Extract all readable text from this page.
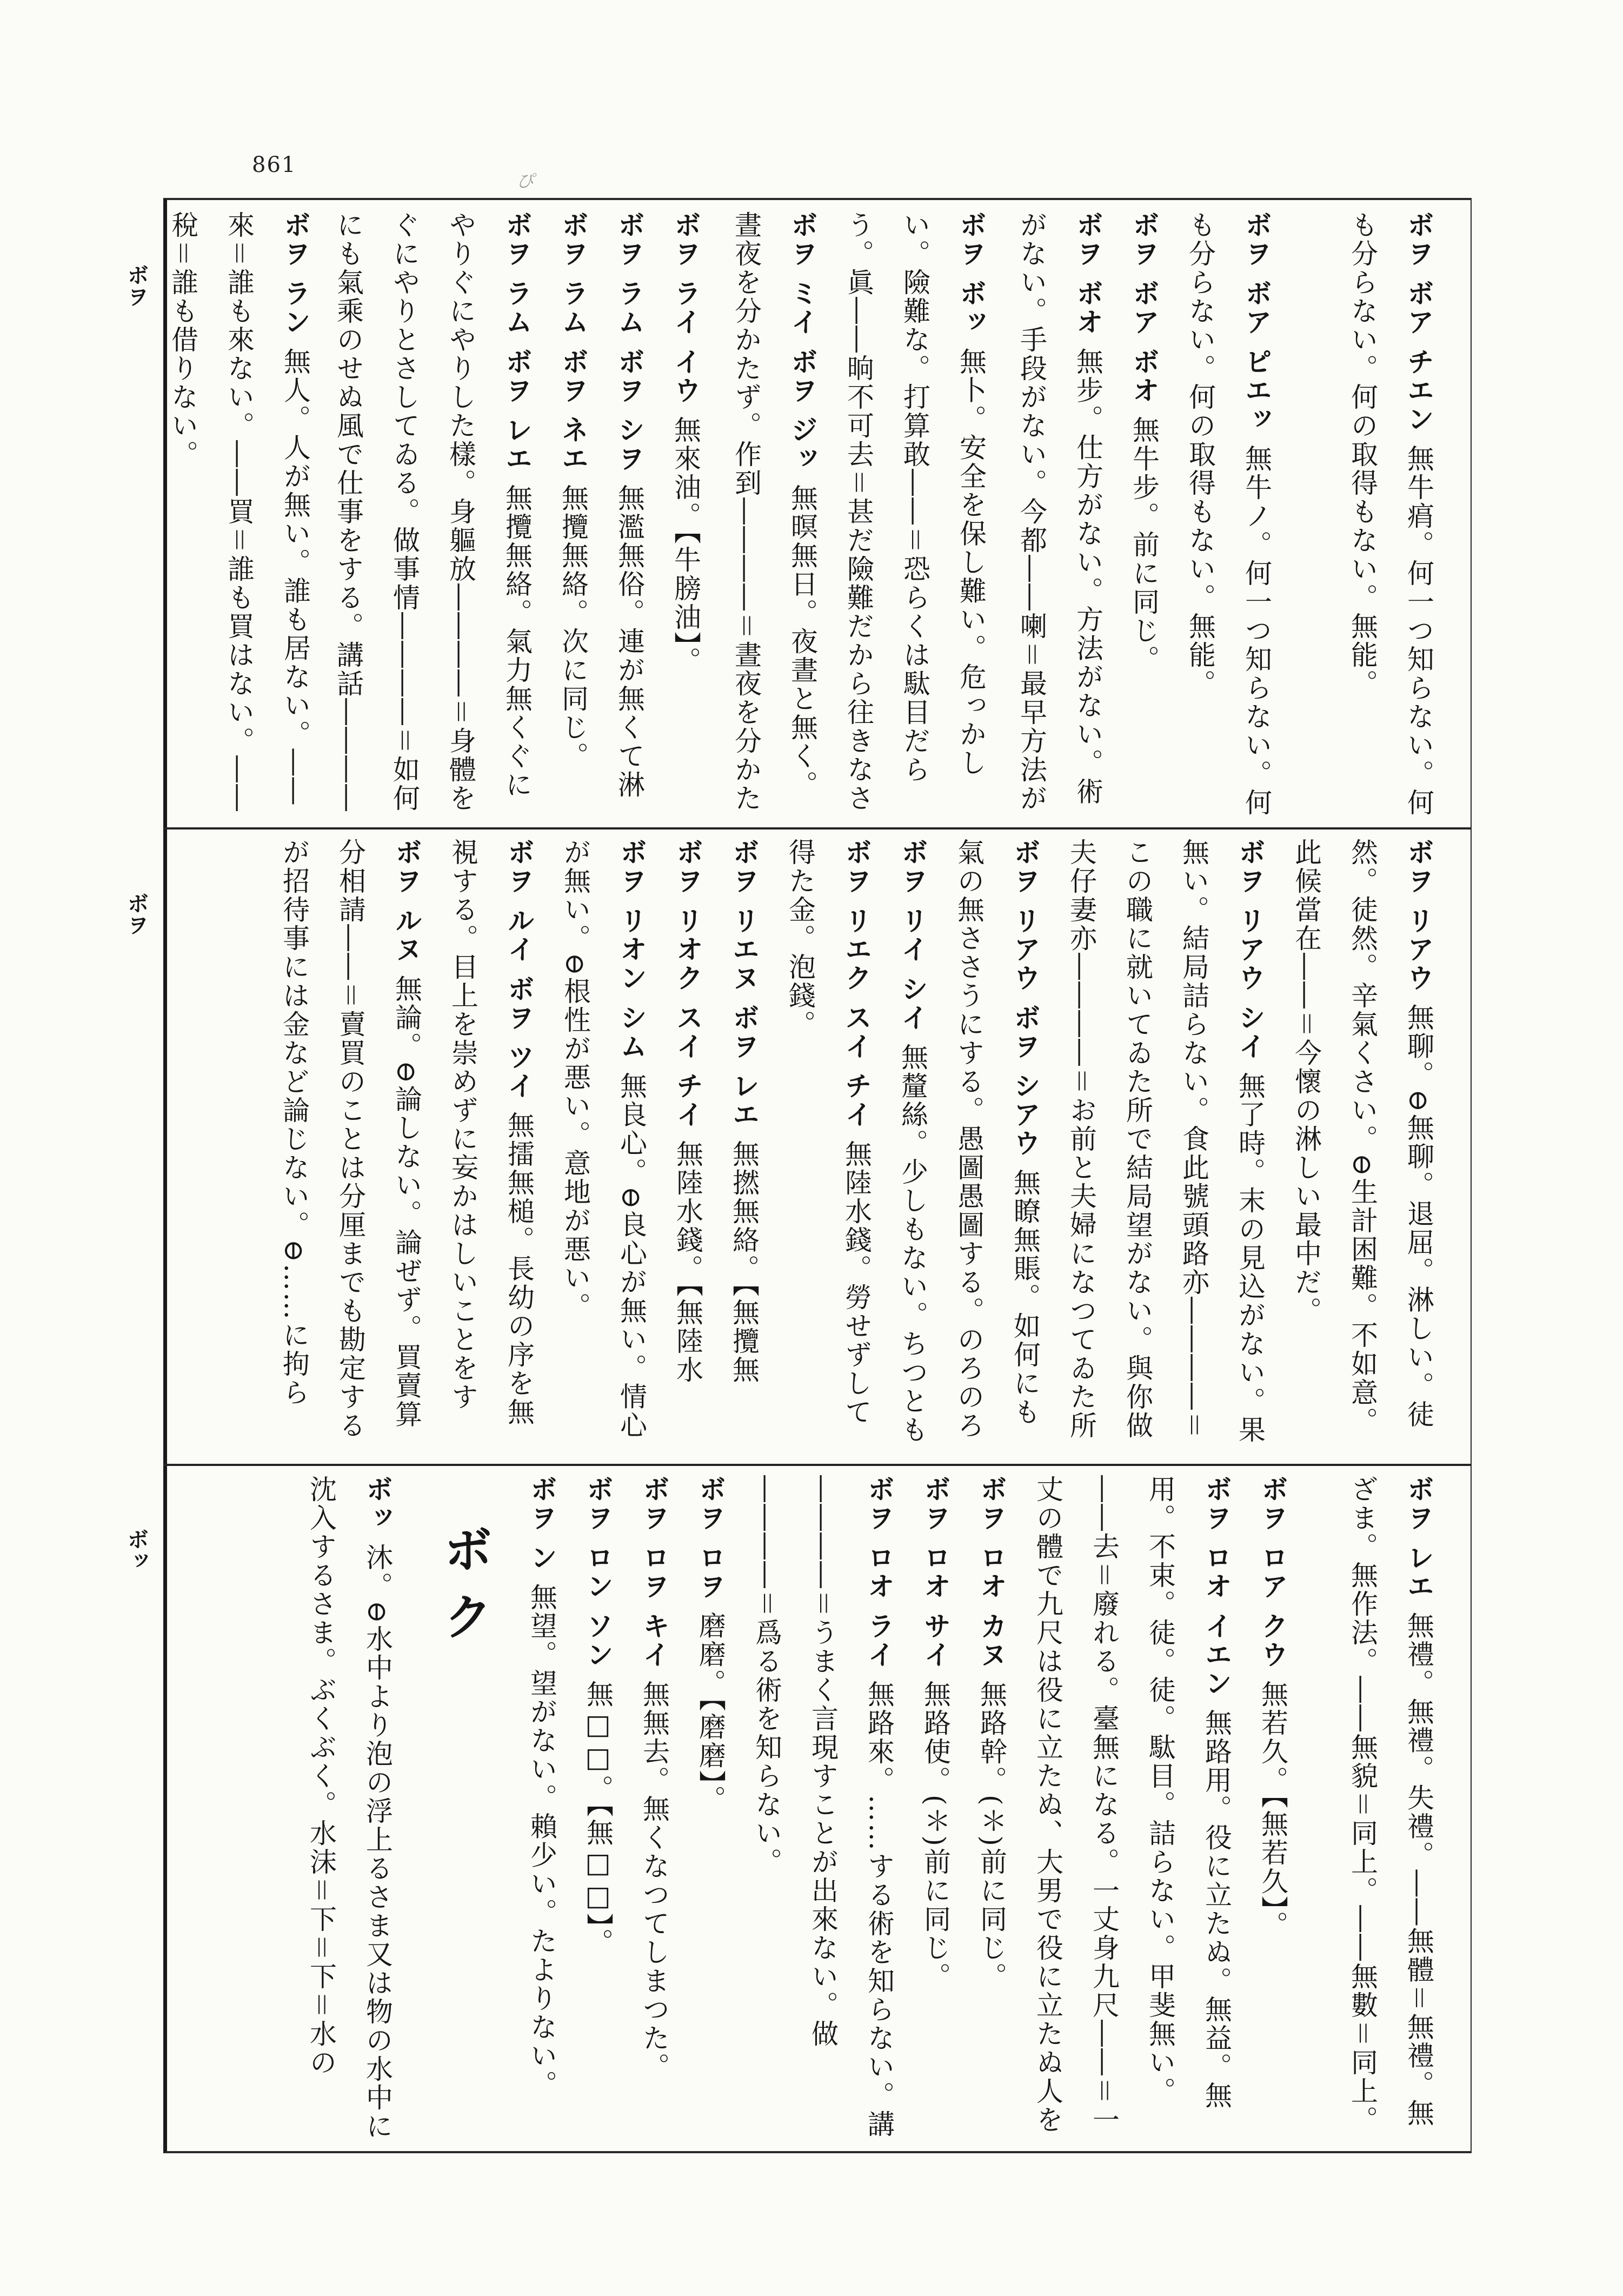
861
ぴ
ボヲ
ボヲ
ボッ
ボヲ ボア チエン無牛㾓。何一つ知らない。何も分らない。何の取得もない。無能。
ボヲ ボア ピエッ無牛ノ。何一つ知らない。何も分らない。何の取得もない。無能。
ボヲ ボア ボオ無牛步。前に同じ。
ボヲ ボオ無步。仕方がない。方法がない。術がない。手段がない。今都――喇＝最早方法が
ボヲ ボッ無卜。安全を保し難い。危っかしい。險難な。打算敢――＝恐らくは駄目だらう。眞――晌不可去＝甚だ險難だから往きなさ
ボヲ ミイ ボヲ ジッ無暝無日。夜晝と無く。晝夜を分かたず。作到――――＝晝夜を分かた
ボヲ ライ イウ無來油。【牛膀油】。
ボヲ ラム ボヲ シヲ無濫無俗。連が無くて淋
ボヲ ラム ボヲ ネエ無攬無絡。次に同じ。
ボヲ ラム ボヲ レエ無攬無絡。氣力無くぐにやりぐにやりした樣。身軀放――――＝身體をぐにやりとさしてゐる。做事情――――＝如何にも氣乘のせぬ風で仕事をする。講話――――
ボヲ ラン無人。人が無い。誰も居ない。――來＝誰も來ない。――買＝誰も買はない。――稅＝誰も借りない。
ボヲ リアウ無聊。⊖無聊。退屈。淋しい。徒然。徒然。辛氣くさい。⊖生計困難。不如意。此候當在――＝今懷の淋しい最中だ。
ボヲ リアウ シイ無了時。末の見込がない。果無い。結局詰らない。食此號頭路亦――――＝この職に就いてゐた所で結局望がない。與你做夫仔妻亦――――＝お前と夫婦になつてゐた所
ボヲ リアウ ボヲ シアウ無瞭無賬。如何にも氣の無ささうにする。愚圖愚圖する。のろのろ
ボヲ リイ シイ無釐絲。少しもない。ちつとも
ボヲ リエク スイ チイ無陸水錢。勞せずして得た金。泡錢。
ボヲ リエヌ ボヲ レエ無撚無絡。【無攬無
ボヲ リオク スイ チイ無陸水錢。【無陸水
ボヲ リオン シム無良心。⊖良心が無い。情心が無い。⊖根性が悪い。意地が悪い。
ボヲ ルイ ボヲ ツイ無擂無槌。長幼の序を無視する。目上を崇めずに妄かはしいことをす
ボヲ ルヌ無論。⊖論しない。論ぜず。買賣算分相請――＝賣買のことは分厘までも勘定するが招待事には金など論じない。⊖……に拘ら
ボヲ レエ無禮。無禮。失禮。――無體＝無禮。無ざま。無作法。――無貌＝同上。――無數＝同上。
ボヲ ロア クウ無若久。【無若久】。
ボヲ ロオ イエン無路用。役に立たぬ。無益。無用。不束。徒。徒。駄目。詰らない。甲斐無い。――去＝廢れる。臺無になる。一丈身九尺――＝一丈の體で九尺は役に立たぬ、大男で役に立たぬ人を
ボヲ ロオ カヌ無路幹。(＊)前に同じ。
ボヲ ロオ サイ無路使。(＊)前に同じ。
ボヲ ロオ ライ無路來。……する術を知らない。講――――＝うまく言現すことが出來ない。做――――＝爲る術を知らない。
ボヲ ロヲ磨磨。【磨磨】。
ボヲ ロヲ キイ無無去。無くなつてしまつた。
ボヲ ロン ソン無□□。【無□□】。
ボヲ ン無望。望がない。賴少い。たよりない。
ボ ク
ボッ沐。⊖水中より泡の浮上るさま又は物の水中に沈入するさま。ぶくぶく。水沫＝下＝下＝水の
